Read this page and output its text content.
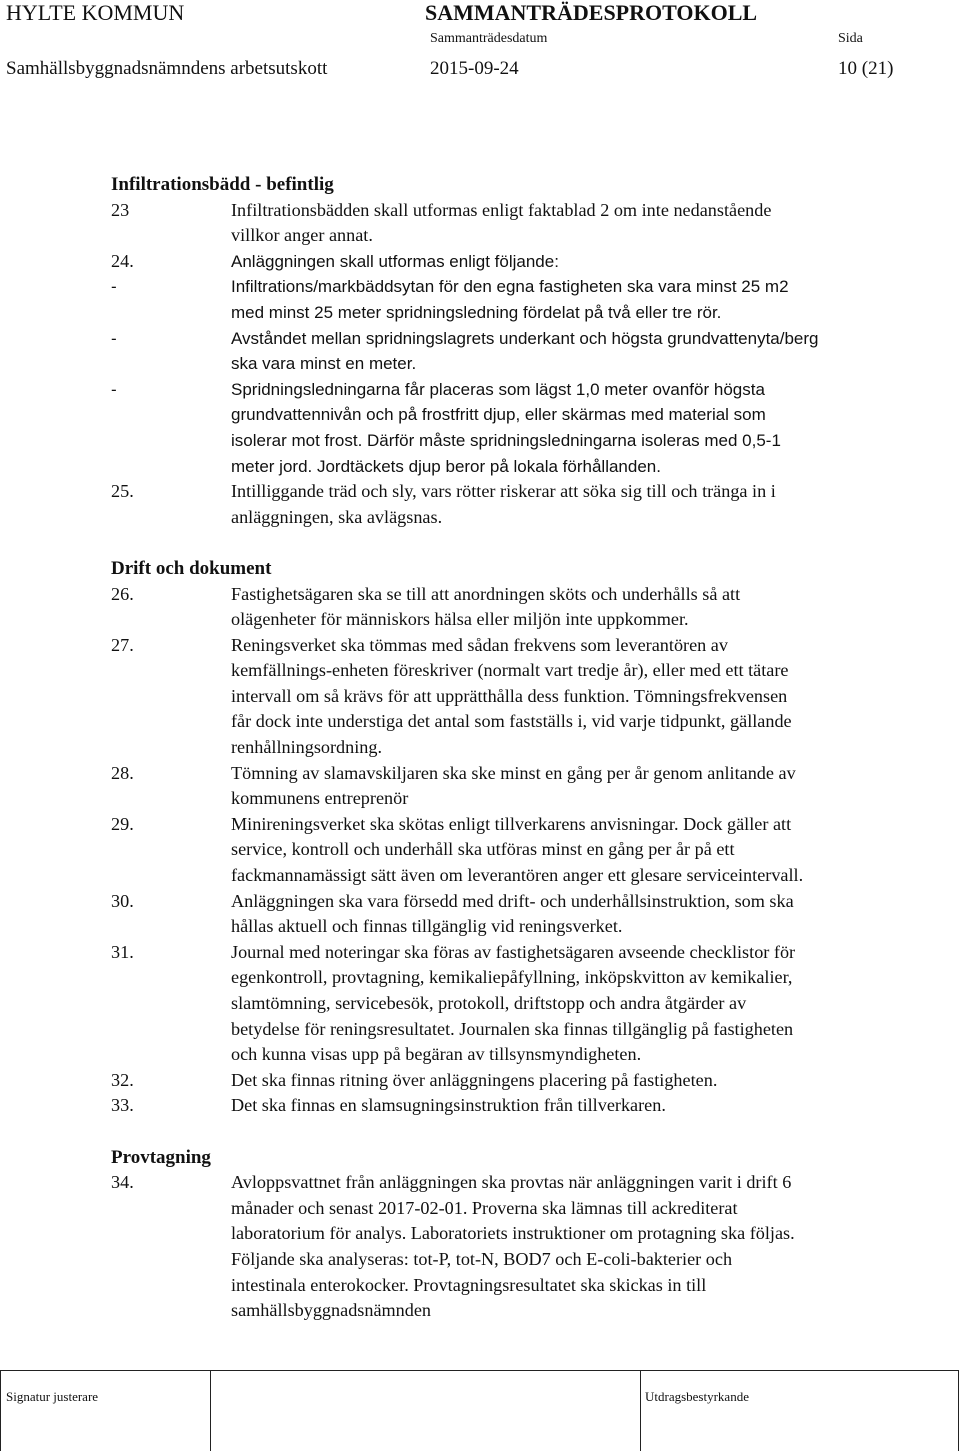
HYLTE KOMMUN	SAMMANTRÄDESPROTOKOLL
Sammanträdesdatum	Sida
Samhällsbyggnadsnämndens arbetsutskott	2015-09-24	10 (21)
Infiltrationsbädd - befintlig
23	Infiltrationsbädden skall utformas enligt faktablad 2 om inte nedanstående
villkor anger annat.
24.	Anläggningen skall utformas enligt följande:
-	Infiltrations/markbäddsytan för den egna fastigheten ska vara minst 25 m2
med minst 25 meter spridningsledning fördelat på två eller tre rör.
-	Avståndet mellan spridningslagrets underkant och högsta grundvattenyta/berg
ska vara minst en meter.
-	Spridningsledningarna får placeras som lägst 1,0 meter ovanför högsta
grundvattennivån och på frostfritt djup, eller skärmas med material som
isolerar mot frost. Därför måste spridningsledningarna isoleras med 0,5-1
meter jord. Jordtäckets djup beror på lokala förhållanden.
25.	Intilliggande träd och sly, vars rötter riskerar att söka sig till och tränga in i
anläggningen, ska avlägsnas.
Drift och dokument
26.	Fastighetsägaren ska se till att anordningen sköts och underhålls så att
olägenheter för människors hälsa eller miljön inte uppkommer.
27.	Reningsverket ska tömmas med sådan frekvens som leverantören av
kemfällnings-enheten föreskriver (normalt vart tredje år), eller med ett tätare
intervall om så krävs för att upprätthålla dess funktion. Tömningsfrekvensen
får dock inte understiga det antal som fastställs i, vid varje tidpunkt, gällande
renhållningsordning.
28.	Tömning av slamavskiljaren ska ske minst en gång per år genom anlitande av
kommunens entreprenör
29.	Minireningsverket ska skötas enligt tillverkarens anvisningar. Dock gäller att
service, kontroll och underhåll ska utföras minst en gång per år på ett
fackmannamässigt sätt även om leverantören anger ett glesare serviceintervall.
30.	Anläggningen ska vara försedd med drift- och underhållsinstruktion, som ska
hållas aktuell och finnas tillgänglig vid reningsverket.
31.	Journal med noteringar ska föras av fastighetsägaren avseende checklistor för
egenkontroll, provtagning, kemikaliepåfyllning, inköpskvitton av kemikalier,
slamtömning, servicebesök, protokoll, driftstopp och andra åtgärder av
betydelse för reningsresultatet. Journalen ska finnas tillgänglig på fastigheten
och kunna visas upp på begäran av tillsynsmyndigheten.
32.	Det ska finnas ritning över anläggningens placering på fastigheten.
33.	Det ska finnas en slamsugningsinstruktion från tillverkaren.
Provtagning
34.	Avloppsvattnet från anläggningen ska provtas när anläggningen varit i drift 6
månader och senast 2017-02-01. Proverna ska lämnas till ackrediterat
laboratorium för analys. Laboratoriets instruktioner om protagning ska följas.
Följande ska analyseras: tot-P, tot-N, BOD7 och E-coli-bakterier och
intestinala enterokocker. Provtagningsresultatet ska skickas in till
samhällsbyggnadsnämnden
Signatur justerare	Utdragsbestyrkande
